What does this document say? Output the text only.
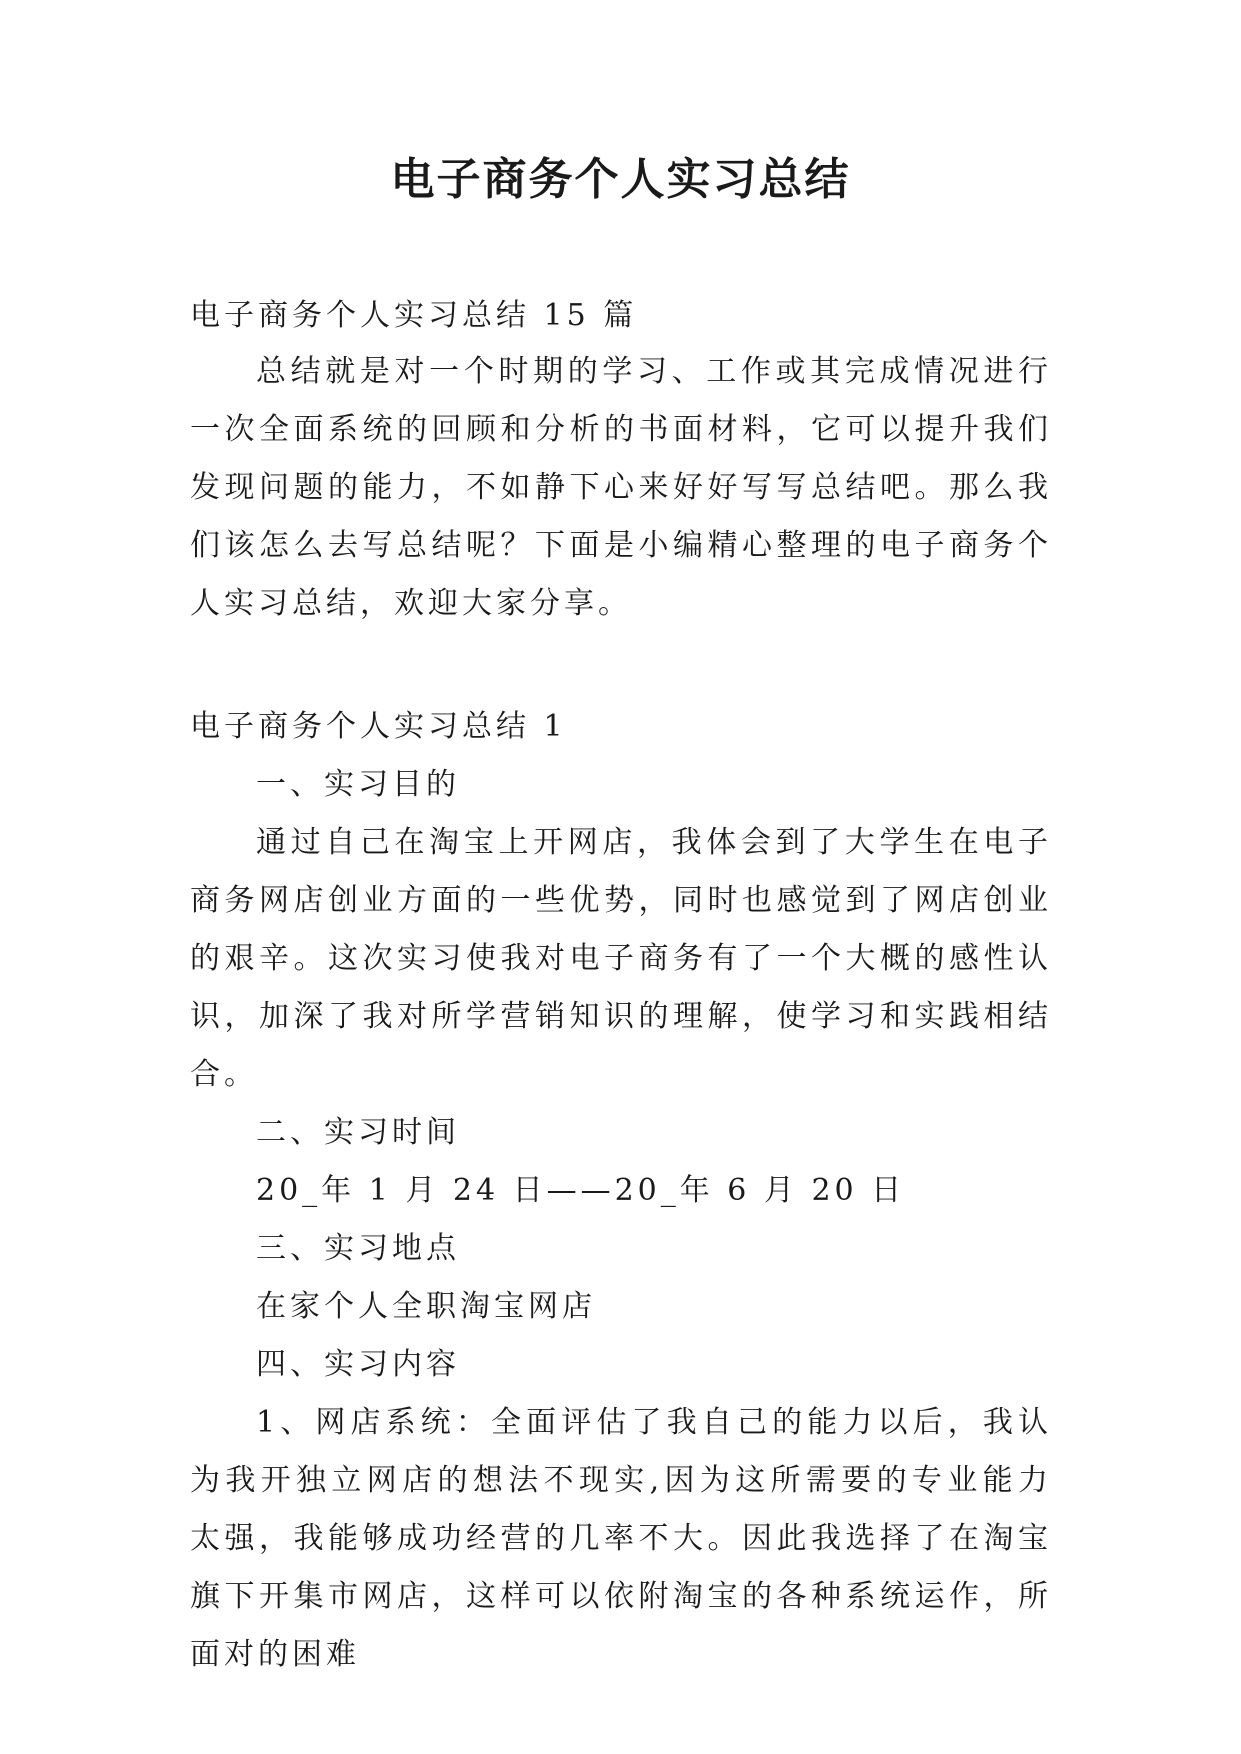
电子商务个人实习总结
电子商务个人实习总结 15 篇
总结就是对一个时期的学习、工作或其完成情况进行一次全面系统的回顾和分析的书面材料，它可以提升我们发现问题的能力，不如静下心来好好写写总结吧。那么我们该怎么去写总结呢？下面是小编精心整理的电子商务个人实习总结，欢迎大家分享。

电子商务个人实习总结 1

一、实习目的

通过自己在淘宝上开网店，我体会到了大学生在电子商务网店创业方面的一些优势，同时也感觉到了网店创业的艰辛。这次实习使我对电子商务有了一个大概的感性认识，加深了我对所学营销知识的理解，使学习和实践相结合。

二、实习时间

20_年 1 月 24 日——20_年 6 月 20 日

三、实习地点

在家个人全职淘宝网店

四、实习内容

1、网店系统：全面评估了我自己的能力以后，我认为我开独立网店的想法不现实,因为这所需要的专业能力太强，我能够成功经营的几率不大。因此我选择了在淘宝旗下开集市网店，这样可以依附淘宝的各种系统运作，所面对的困难
